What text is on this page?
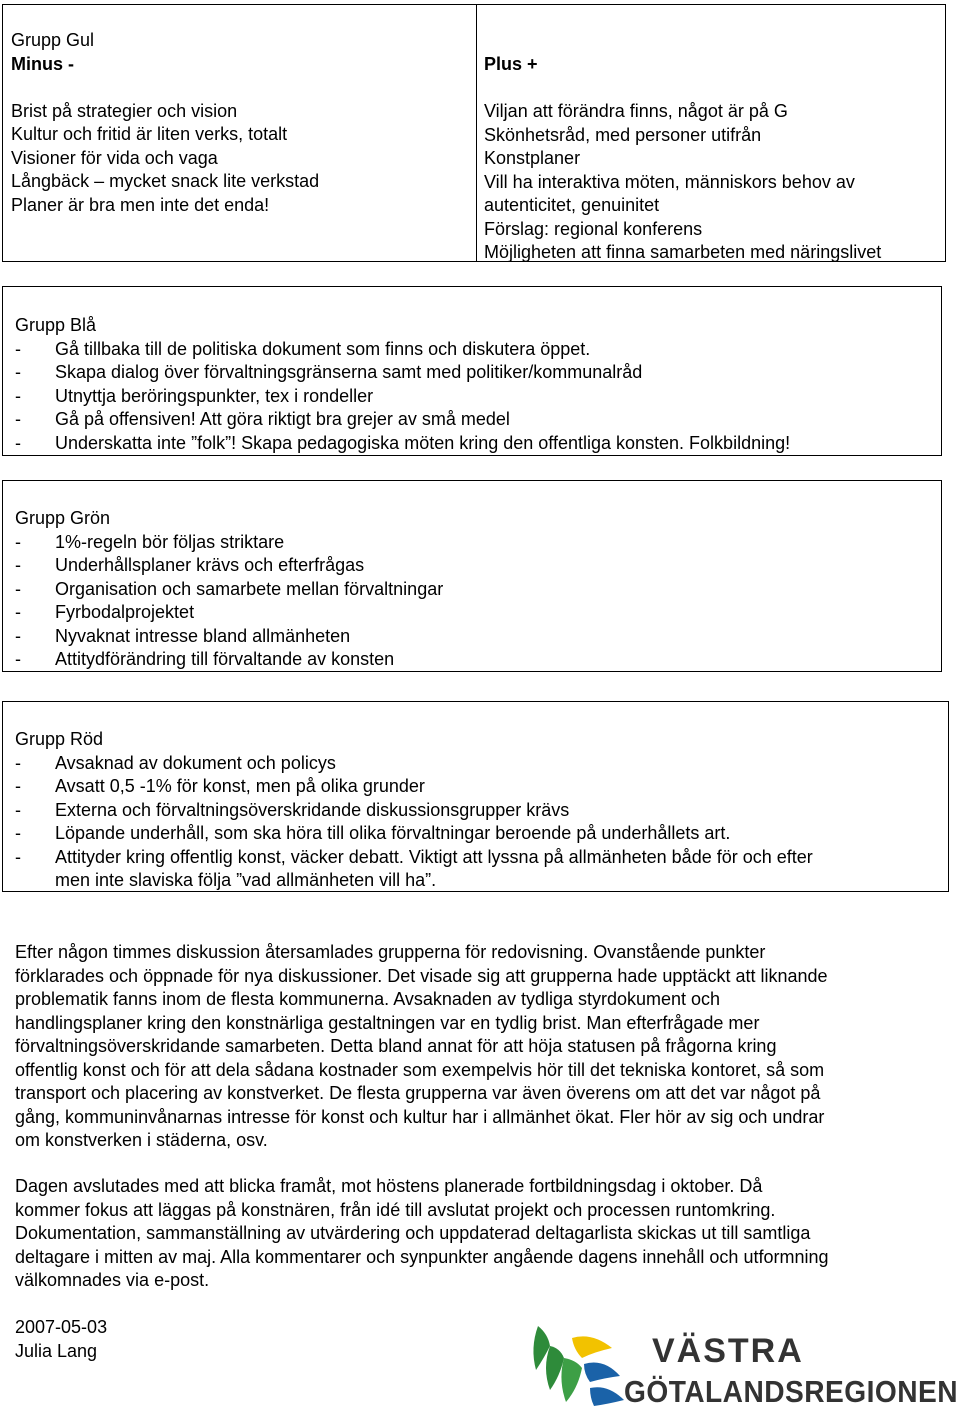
Grupp Gul
Minus -
Brist på strategier och vision
Kultur och fritid är liten verks, totalt
Visioner för vida och vaga
Långbäck – mycket snack lite verkstad
Planer är bra men inte det enda!
Plus +
Viljan att förändra finns, något är på G
Skönhetsråd, med personer utifrån
Konstplaner
Vill ha interaktiva möten, människors behov av
autenticitet, genuinitet
Förslag: regional konferens
Möjligheten att finna samarbeten med näringslivet
Grupp Blå
- Gå tillbaka till de politiska dokument som finns och diskutera öppet.
- Skapa dialog över förvaltningsgränserna samt med politiker/kommunalråd
- Utnyttja beröringspunkter, tex i rondeller
- Gå på offensiven! Att göra riktigt bra grejer av små medel
- Underskatta inte ”folk”! Skapa pedagogiska möten kring den offentliga konsten. Folkbildning!
Grupp Grön
- 1%-regeln bör följas striktare
- Underhållsplaner krävs och efterfrågas
- Organisation och samarbete mellan förvaltningar
- Fyrbodalprojektet
- Nyvaknat intresse bland allmänheten
- Attitydförändring till förvaltande av konsten
Grupp Röd
- Avsaknad av dokument och policys
- Avsatt 0,5 -1% för konst, men på olika grunder
- Externa och förvaltningsöverskridande diskussionsgrupper krävs
- Löpande underhåll, som ska höra till olika förvaltningar beroende på underhållets art.
- Attityder kring offentlig konst, väcker debatt. Viktigt att lyssna på allmänheten både för och efter
men inte slaviska följa ”vad allmänheten vill ha”.
Efter någon timmes diskussion återsamlades grupperna för redovisning. Ovanstående punkter
förklarades och öppnade för nya diskussioner. Det visade sig att grupperna hade upptäckt att liknande
problematik fanns inom de flesta kommunerna. Avsaknaden av tydliga styrdokument och
handlingsplaner kring den konstnärliga gestaltningen var en tydlig brist. Man efterfrågade mer
förvaltningsöverskridande samarbeten. Detta bland annat för att höja statusen på frågorna kring
offentlig konst och för att dela sådana kostnader som exempelvis hör till det tekniska kontoret, så som
transport och placering av konstverket. De flesta grupperna var även överens om att det var något på
gång, kommuninvånarnas intresse för konst och kultur har i allmänhet ökat. Fler hör av sig och undrar
om konstverken i städerna, osv.
Dagen avslutades med att blicka framåt, mot höstens planerade fortbildningsdag i oktober. Då
kommer fokus att läggas på konstnären, från idé till avslutat projekt och processen runtomkring.
Dokumentation, sammanställning av utvärdering och uppdaterad deltagarlista skickas ut till samtliga
deltagare i mitten av maj. Alla kommentarer och synpunkter angående dagens innehåll och utformning
välkomnades via e-post.
2007-05-03
Julia Lang	VÄSTRA
GÖTALANDSREGIONEN
